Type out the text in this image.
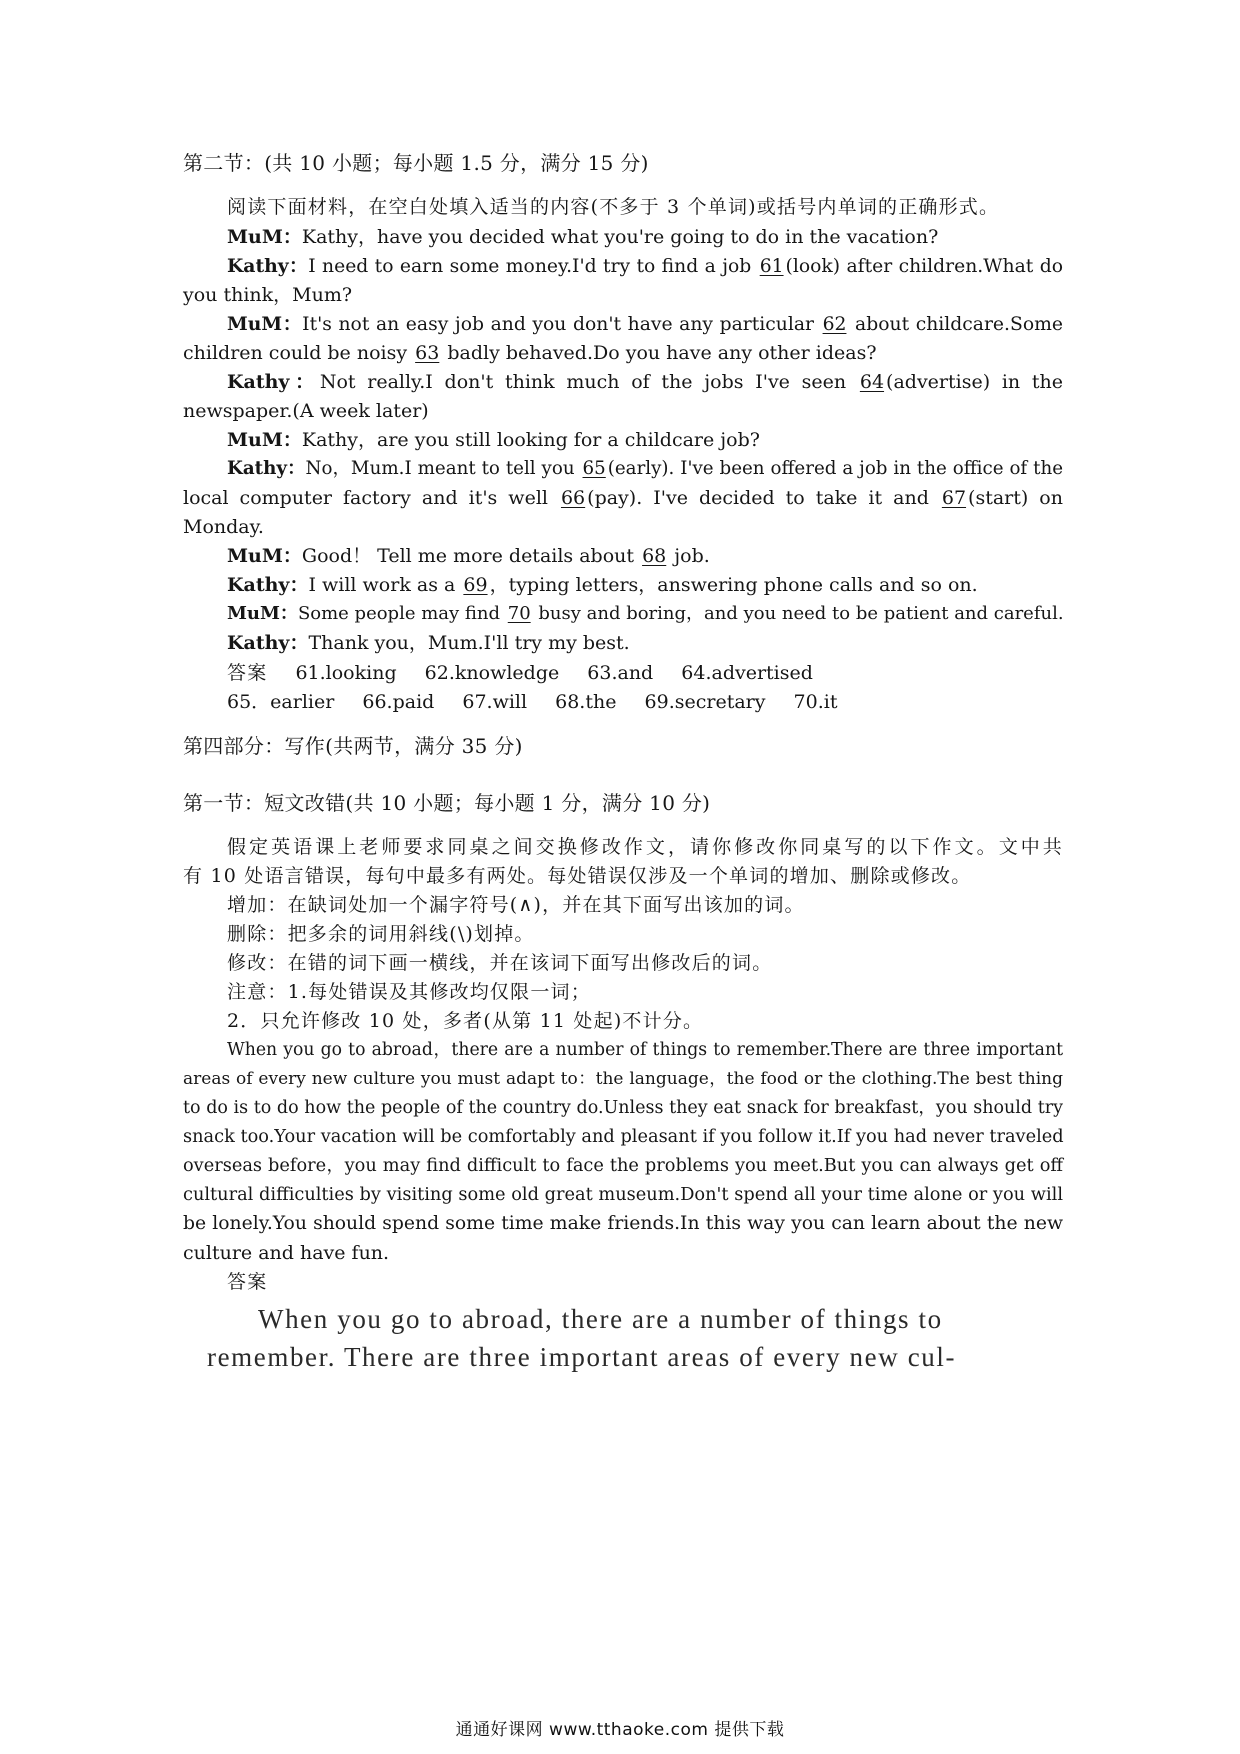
第二节：(共 10 小题；每小题 1.5 分，满分 15 分)
阅读下面材料，在空白处填入适当的内容(不多于 3 个单词)或括号内单词的正确形式。
MuM：Kathy，have you decided what you're going to do in the vacation?
Kathy：I need to earn some money.I'd try to find a job 61 (look) after children.What do
you think，Mum?
MuM：It's not an easy job and you don't have any particular 62 about childcare.Some
children could be noisy 63 badly behaved.Do you have any other ideas?
Kathy：Not really.I don't think much of the jobs I've seen 64 (advertise) in the
newspaper.(A week later)
MuM：Kathy，are you still looking for a childcare job?
Kathy：No，Mum.I meant to tell you 65 (early). I've been offered a job in the office of the
local computer factory and it's well 66 (pay). I've decided to take it and 67 (start) on
Monday.
MuM：Good！ Tell me more details about 68 job.
Kathy：I will work as a 69 ，typing letters，answering phone calls and so on.
MuM：Some people may find 70 busy and boring，and you need to be patient and careful.
Kathy：Thank you，Mum.I'll try my best.
答案 61.looking 62.knowledge 63.and 64.advertised
65．earlier 66.paid 67.will 68.the 69.secretary 70.it
第四部分：写作(共两节，满分 35 分)
第一节：短文改错(共 10 小题；每小题 1 分，满分 10 分)
假定英语课上老师要求同桌之间交换修改作文，请你修改你同桌写的以下作文。文中共
有 10 处语言错误，每句中最多有两处。每处错误仅涉及一个单词的增加、删除或修改。
增加：在缺词处加一个漏字符号(∧)，并在其下面写出该加的词。
删除：把多余的词用斜线(\)划掉。
修改：在错的词下画一横线，并在该词下面写出修改后的词。
注意：1.每处错误及其修改均仅限一词；
2．只允许修改 10 处，多者(从第 11 处起)不计分。
When you go to abroad，there are a number of things to remember.There are three important
areas of every new culture you must adapt to：the language，the food or the clothing.The best thing
to do is to do how the people of the country do.Unless they eat snack for breakfast，you should try
snack too.Your vacation will be comfortably and pleasant if you follow it.If you had never traveled
overseas before，you may find difficult to face the problems you meet.But you can always get off
cultural difficulties by visiting some old great museum.Don't spend all your time alone or you will
be lonely.You should spend some time make friends.In this way you can learn about the new
culture and have fun.
答案
When you go to abroad, there are a number of things to
remember. There are three important areas of every new cul-
通通好课网 www.tthaoke.com 提供下载
